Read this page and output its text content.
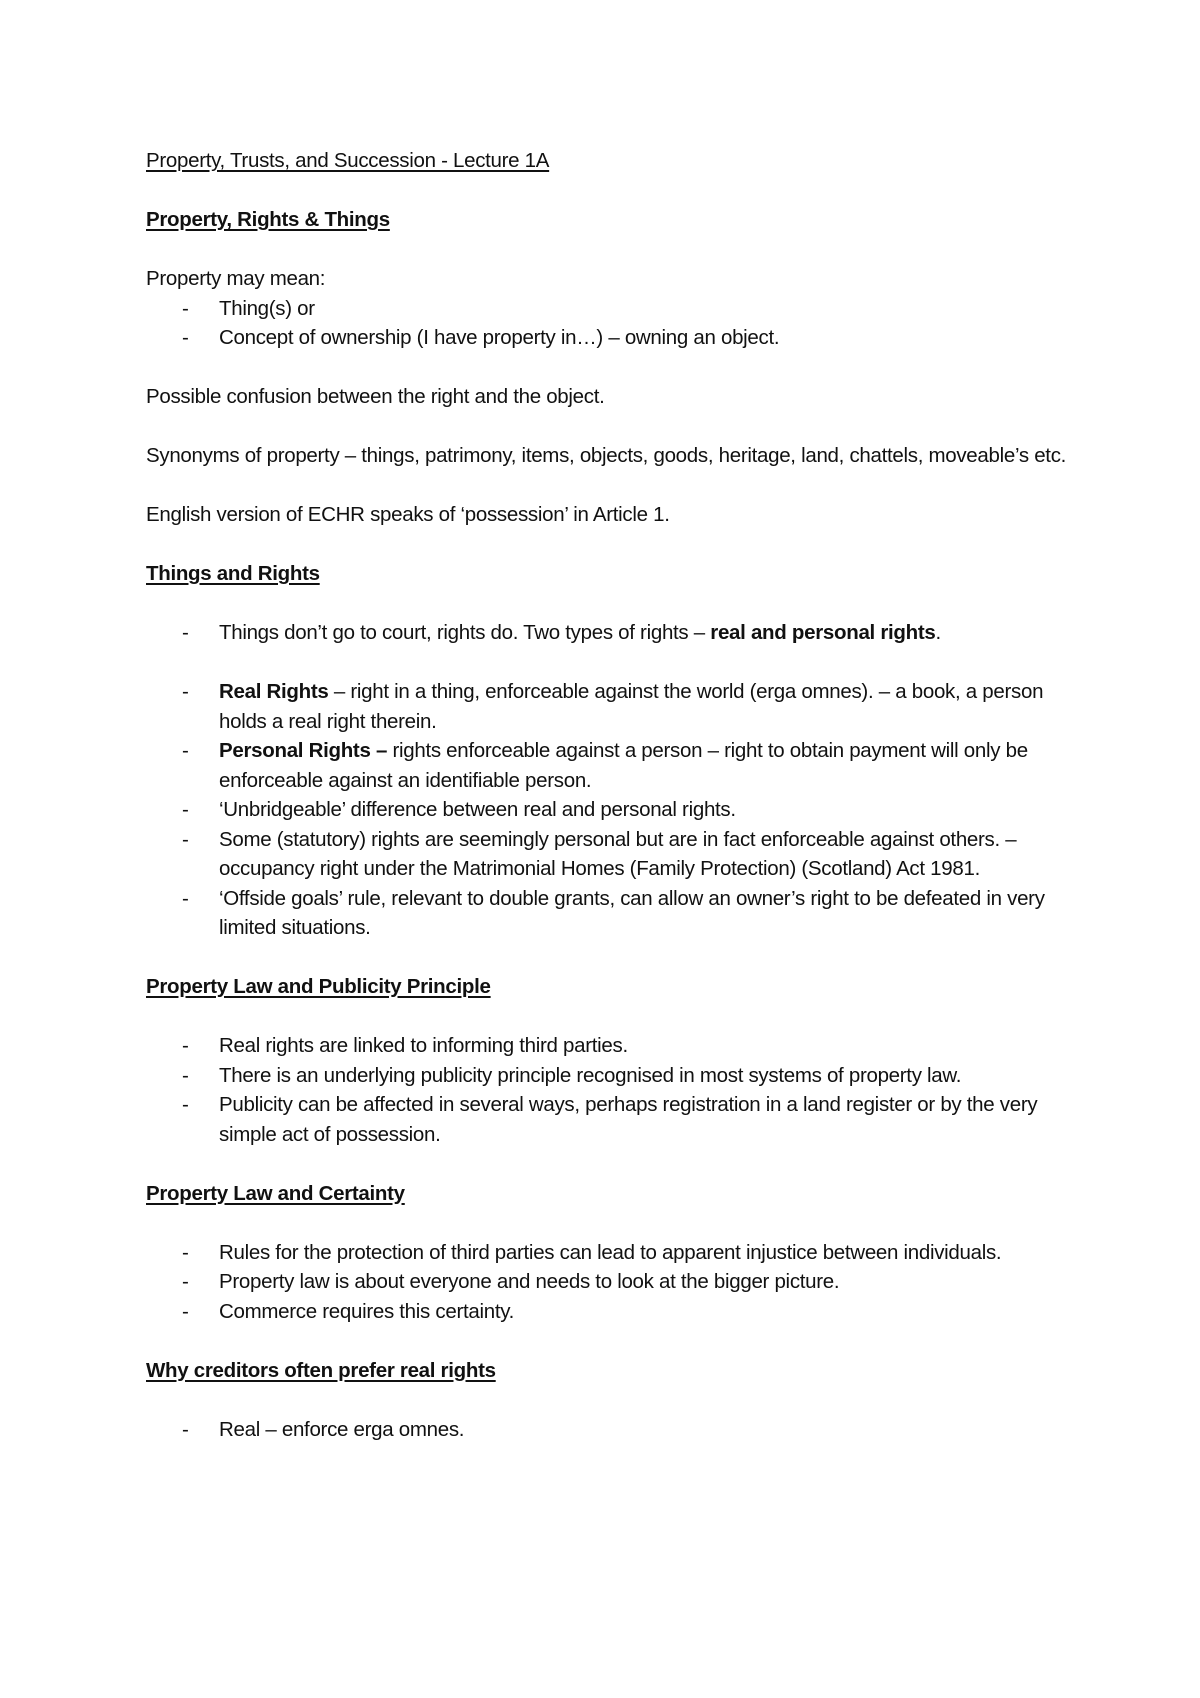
Property, Trusts, and Succession - Lecture 1A

Property, Rights & Things

Property may mean:

- Thing(s) or
- Concept of ownership (I have property in…) – owning an object.

Possible confusion between the right and the object.

Synonyms of property – things, patrimony, items, objects, goods, heritage, land, chattels, moveable’s etc.

English version of ECHR speaks of ‘possession’ in Article 1.

Things and Rights

- Things don’t go to court, rights do. Two types of rights – real and personal rights.
- Real Rights – right in a thing, enforceable against the world (erga omnes). – a book, a person holds a real right therein.
- Personal Rights – rights enforceable against a person – right to obtain payment will only be enforceable against an identifiable person.
- ‘Unbridgeable’ difference between real and personal rights.
- Some (statutory) rights are seemingly personal but are in fact enforceable against others. – occupancy right under the Matrimonial Homes (Family Protection) (Scotland) Act 1981.
- ‘Offside goals’ rule, relevant to double grants, can allow an owner’s right to be defeated in very limited situations.

Property Law and Publicity Principle

- Real rights are linked to informing third parties.
- There is an underlying publicity principle recognised in most systems of property law.
- Publicity can be affected in several ways, perhaps registration in a land register or by the very simple act of possession.

Property Law and Certainty

- Rules for the protection of third parties can lead to apparent injustice between individuals.
- Property law is about everyone and needs to look at the bigger picture.
- Commerce requires this certainty.

Why creditors often prefer real rights

- Real – enforce erga omnes.
